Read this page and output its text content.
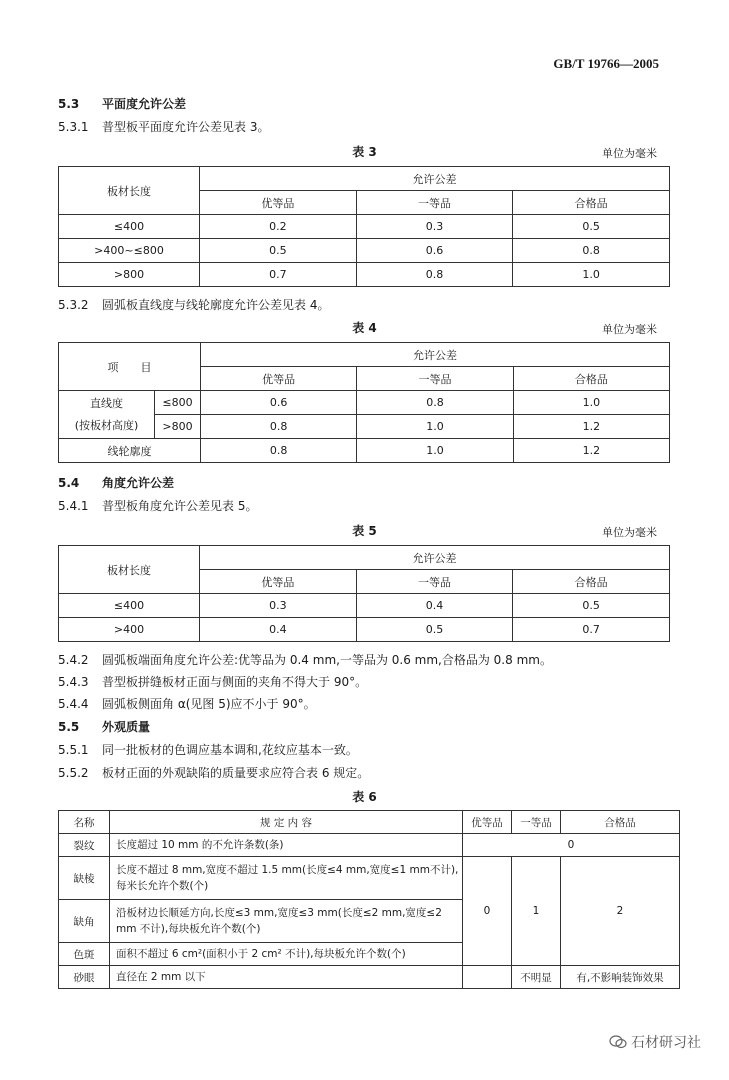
GB/T 19766—2005
5.3 平面度允许公差
5.3.1 普型板平面度允许公差见表 3。
表 3	单位为毫米
板材长度	允许公差		
	优等品	一等品	合格品
≤400	0.2	0.3	0.5
>400~≤800	0.5	0.6	0.8
>800	0.7	0.8	1.0
5.3.2 圆弧板直线度与线轮廓度允许公差见表 4。
表 4	单位为毫米
项　　目		允许公差		
		优等品	一等品	合格品

直线度
(按板材高度)	≤800	0.6	0.8	1.0
	>800	0.8	1.0	1.2
线轮廓度		0.8	1.0	1.2
5.4 角度允许公差
5.4.1 普型板角度允许公差见表 5。
表 5	单位为毫米
板材长度	允许公差		
	优等品	一等品	合格品
≤400	0.3	0.4	0.5
>400	0.4	0.5	0.7
5.4.2 圆弧板端面角度允许公差:优等品为 0.4 mm,一等品为 0.6 mm,合格品为 0.8 mm。
5.4.3 普型板拼缝板材正面与侧面的夹角不得大于 90°。
5.4.4 圆弧板侧面角 α(见图 5)应不小于 90°。
5.5 外观质量
5.5.1 同一批板材的色调应基本调和,花纹应基本一致。
5.5.2 板材正面的外观缺陷的质量要求应符合表 6 规定。
表 6
名称	规 定 内 容	优等品	一等品	合格品
裂纹	长度超过 10 mm 的不允许条数(条)	0		
缺棱	长度不超过 8 mm,宽度不超过 1.5 mm(长度≤4 mm,宽度≤1 mm不计),每米长允许个数(个)	0	1	2
缺角	沿板材边长顺延方向,长度≤3 mm,宽度≤3 mm(长度≤2 mm,宽度≤2 mm 不计),每块板允许个数(个)			
色斑	面积不超过 6 cm²(面积小于 2 cm² 不计),每块板允许个数(个)			
砂眼	直径在 2 mm 以下		不明显	有,不影响装饰效果
石材研习社
